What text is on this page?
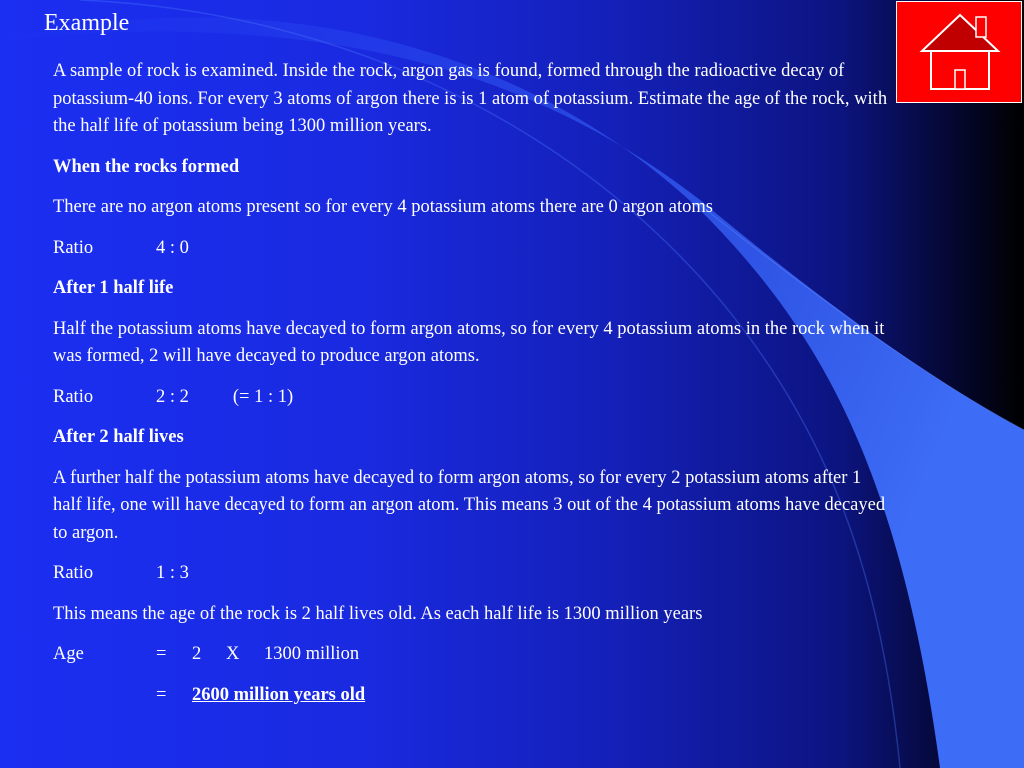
Example

A sample of rock is examined. Inside the rock, argon gas is found, formed through the radioactive decay of potassium-40 ions. For every 3 atoms of argon there is is 1 atom of potassium. Estimate the age of the rock, with the half life of potassium being 1300 million years.

When the rocks formed

There are no argon atoms present so for every 4 potassium atoms there are 0 argon atoms

Ratio	4 : 0

After 1 half life

Half the potassium atoms have decayed to form argon atoms, so for every 4 potassium atoms in the rock when it was formed, 2 will have decayed to produce argon atoms.

Ratio	2 : 2 (= 1 : 1)

After 2 half lives

A further half the potassium atoms have decayed to form argon atoms, so for every 2 potassium atoms after 1 half life, one will have decayed to form an argon atom. This means 3 out of the 4 potassium atoms have decayed to argon.

Ratio	1 : 3

This means the age of the rock is 2 half lives old. As each half life is 1300 million years

Age	=	2	X	1300 million
=	2600 million years old
